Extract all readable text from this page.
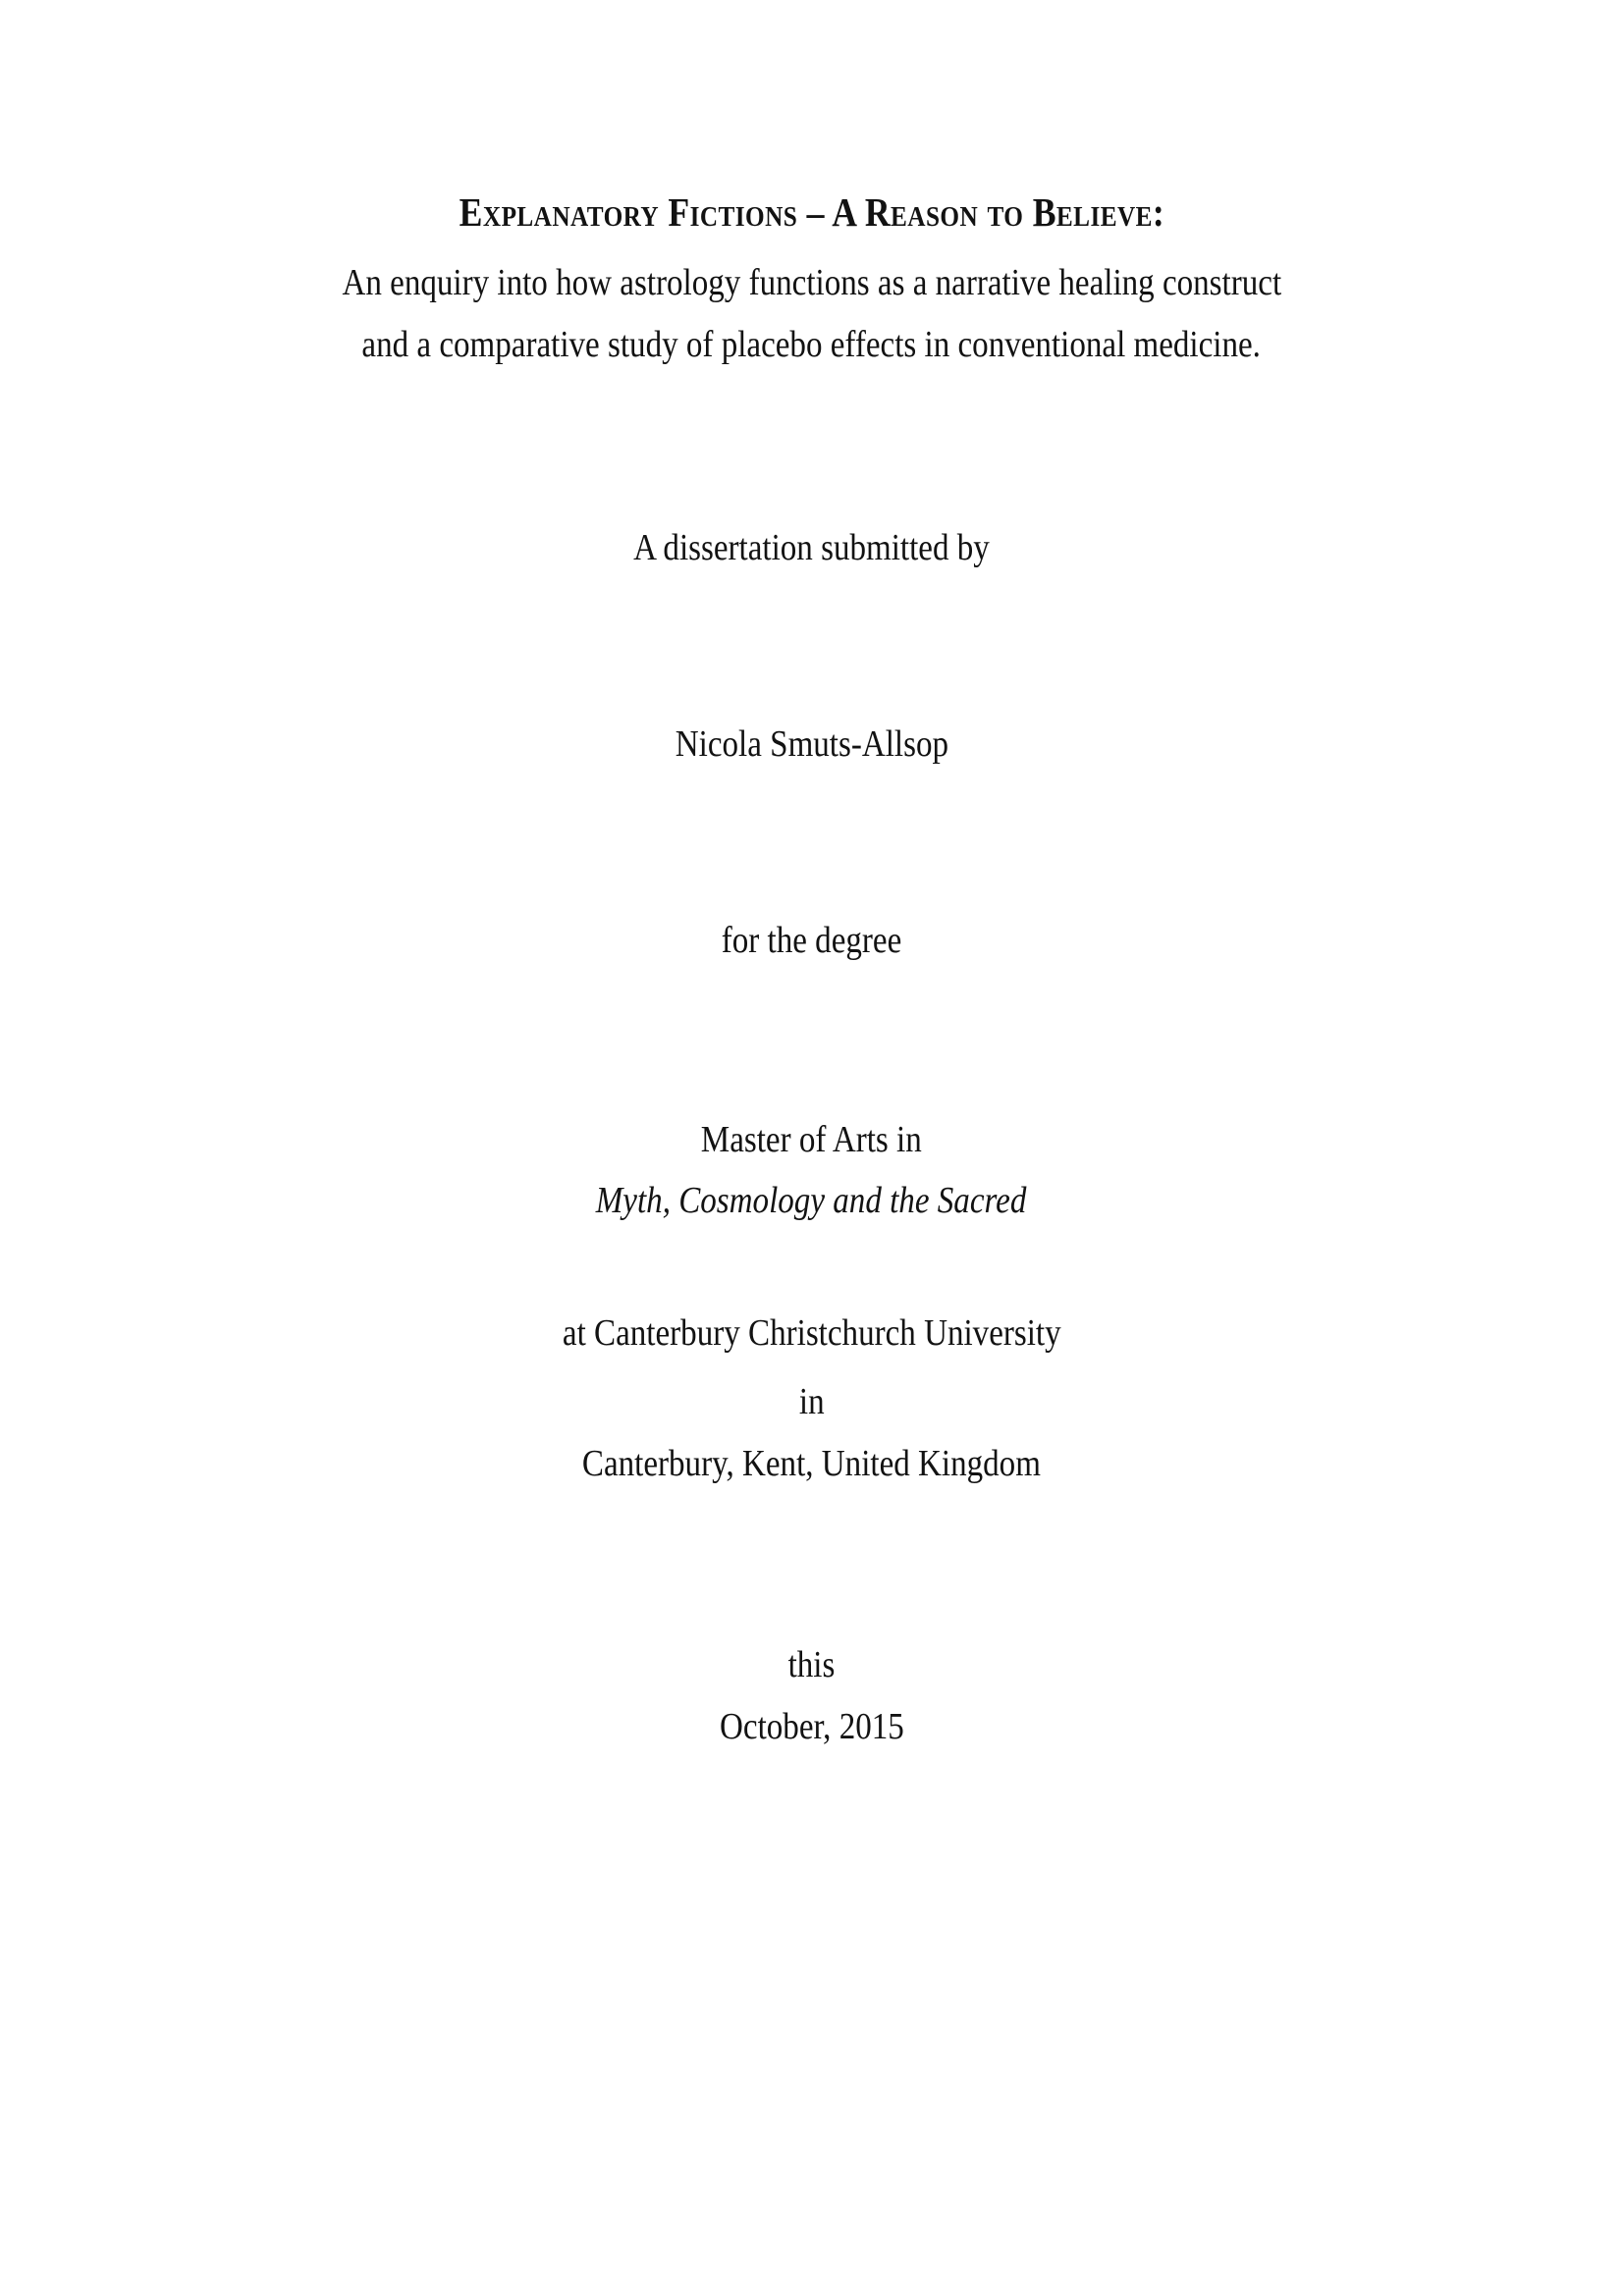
Explanatory Fictions – A Reason to Believe:
An enquiry into how astrology functions as a narrative healing construct
and a comparative study of placebo effects in conventional medicine.
A dissertation submitted by
Nicola Smuts-Allsop
for the degree
Master of Arts in
Myth, Cosmology and the Sacred
at Canterbury Christchurch University
in
Canterbury, Kent, United Kingdom
this
October, 2015
